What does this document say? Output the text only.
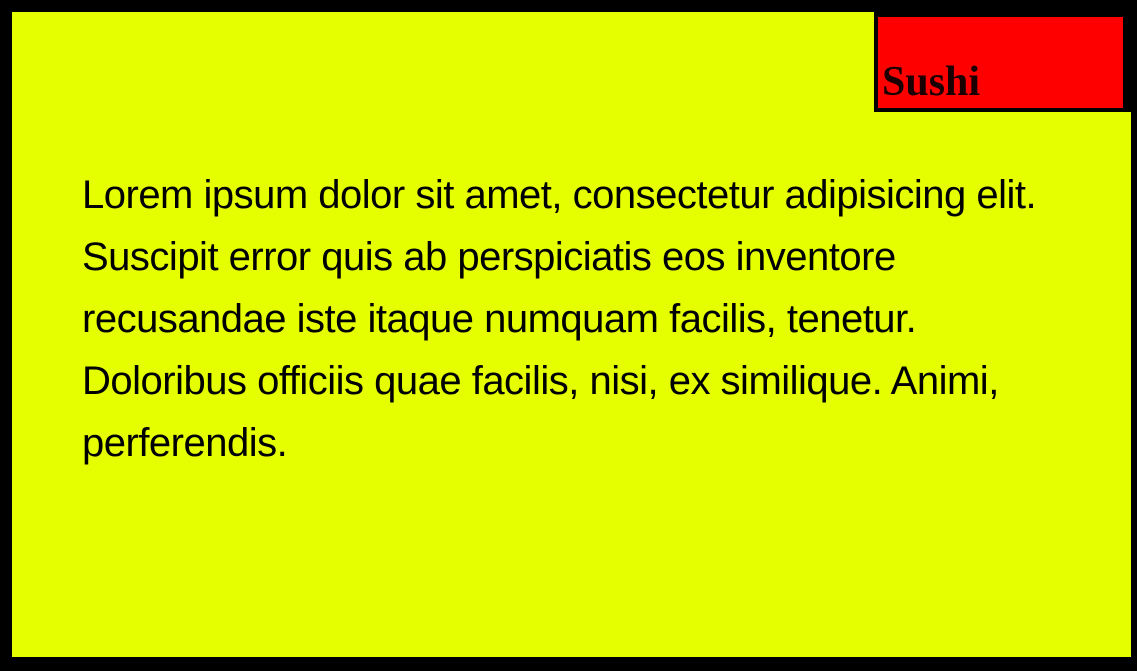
Sushi

Lorem ipsum dolor sit amet, consectetur adipisicing elit. Suscipit error quis ab perspiciatis eos inventore recusandae iste itaque numquam facilis, tenetur. Doloribus officiis quae facilis, nisi, ex similique. Animi, perferendis.
